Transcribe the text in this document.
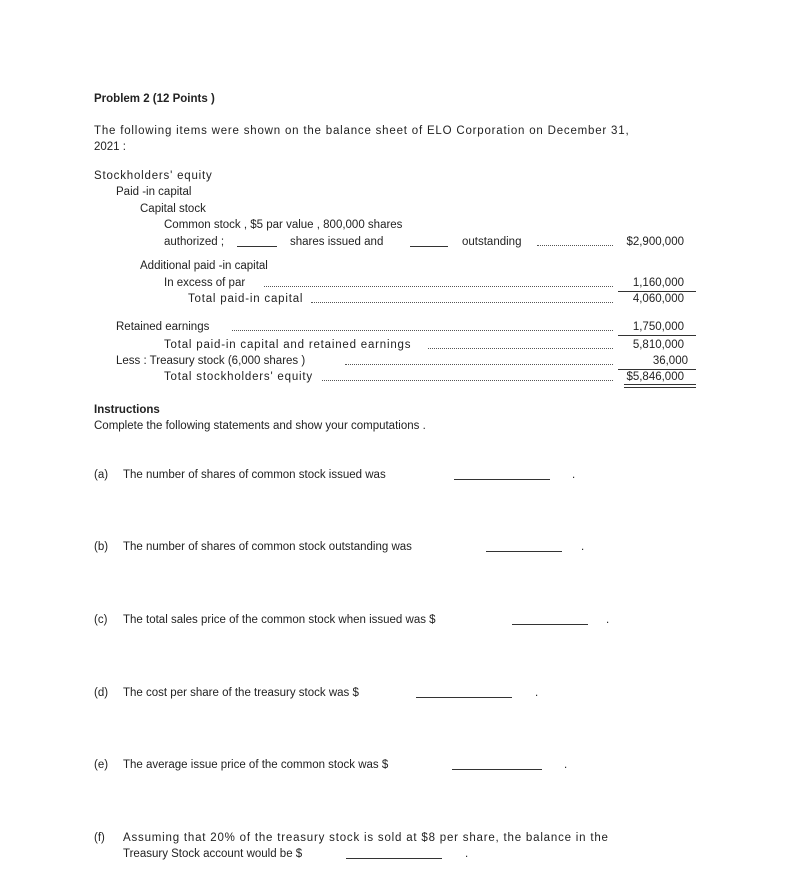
Problem 2 (12 Points )
The following items were shown on the balance sheet of ELO Corporation on December 31,
2021 :
Stockholders' equity
Paid -in capital
Capital stock
Common stock , $5 par value , 800,000 shares
authorized ;	shares issued and	outstanding	$2,900,000
Additional paid -in capital
In excess of par	1,160,000
Total paid-in capital	4,060,000
Retained earnings	1,750,000
Total paid-in capital and retained earnings	5,810,000
Less : Treasury stock (6,000 shares )	36,000
Total stockholders' equity	$5,846,000
Instructions
Complete the following statements and show your computations .
(a) The number of shares of common stock issued was	.
(b) The number of shares of common stock outstanding was	.
(c) The total sales price of the common stock when issued was $	.
(d) The cost per share of the treasury stock was $	.
(e) The average issue price of the common stock was $	.
(f) Assuming that 20% of the treasury stock is sold at $8 per share, the balance in the
Treasury Stock account would be $	.
